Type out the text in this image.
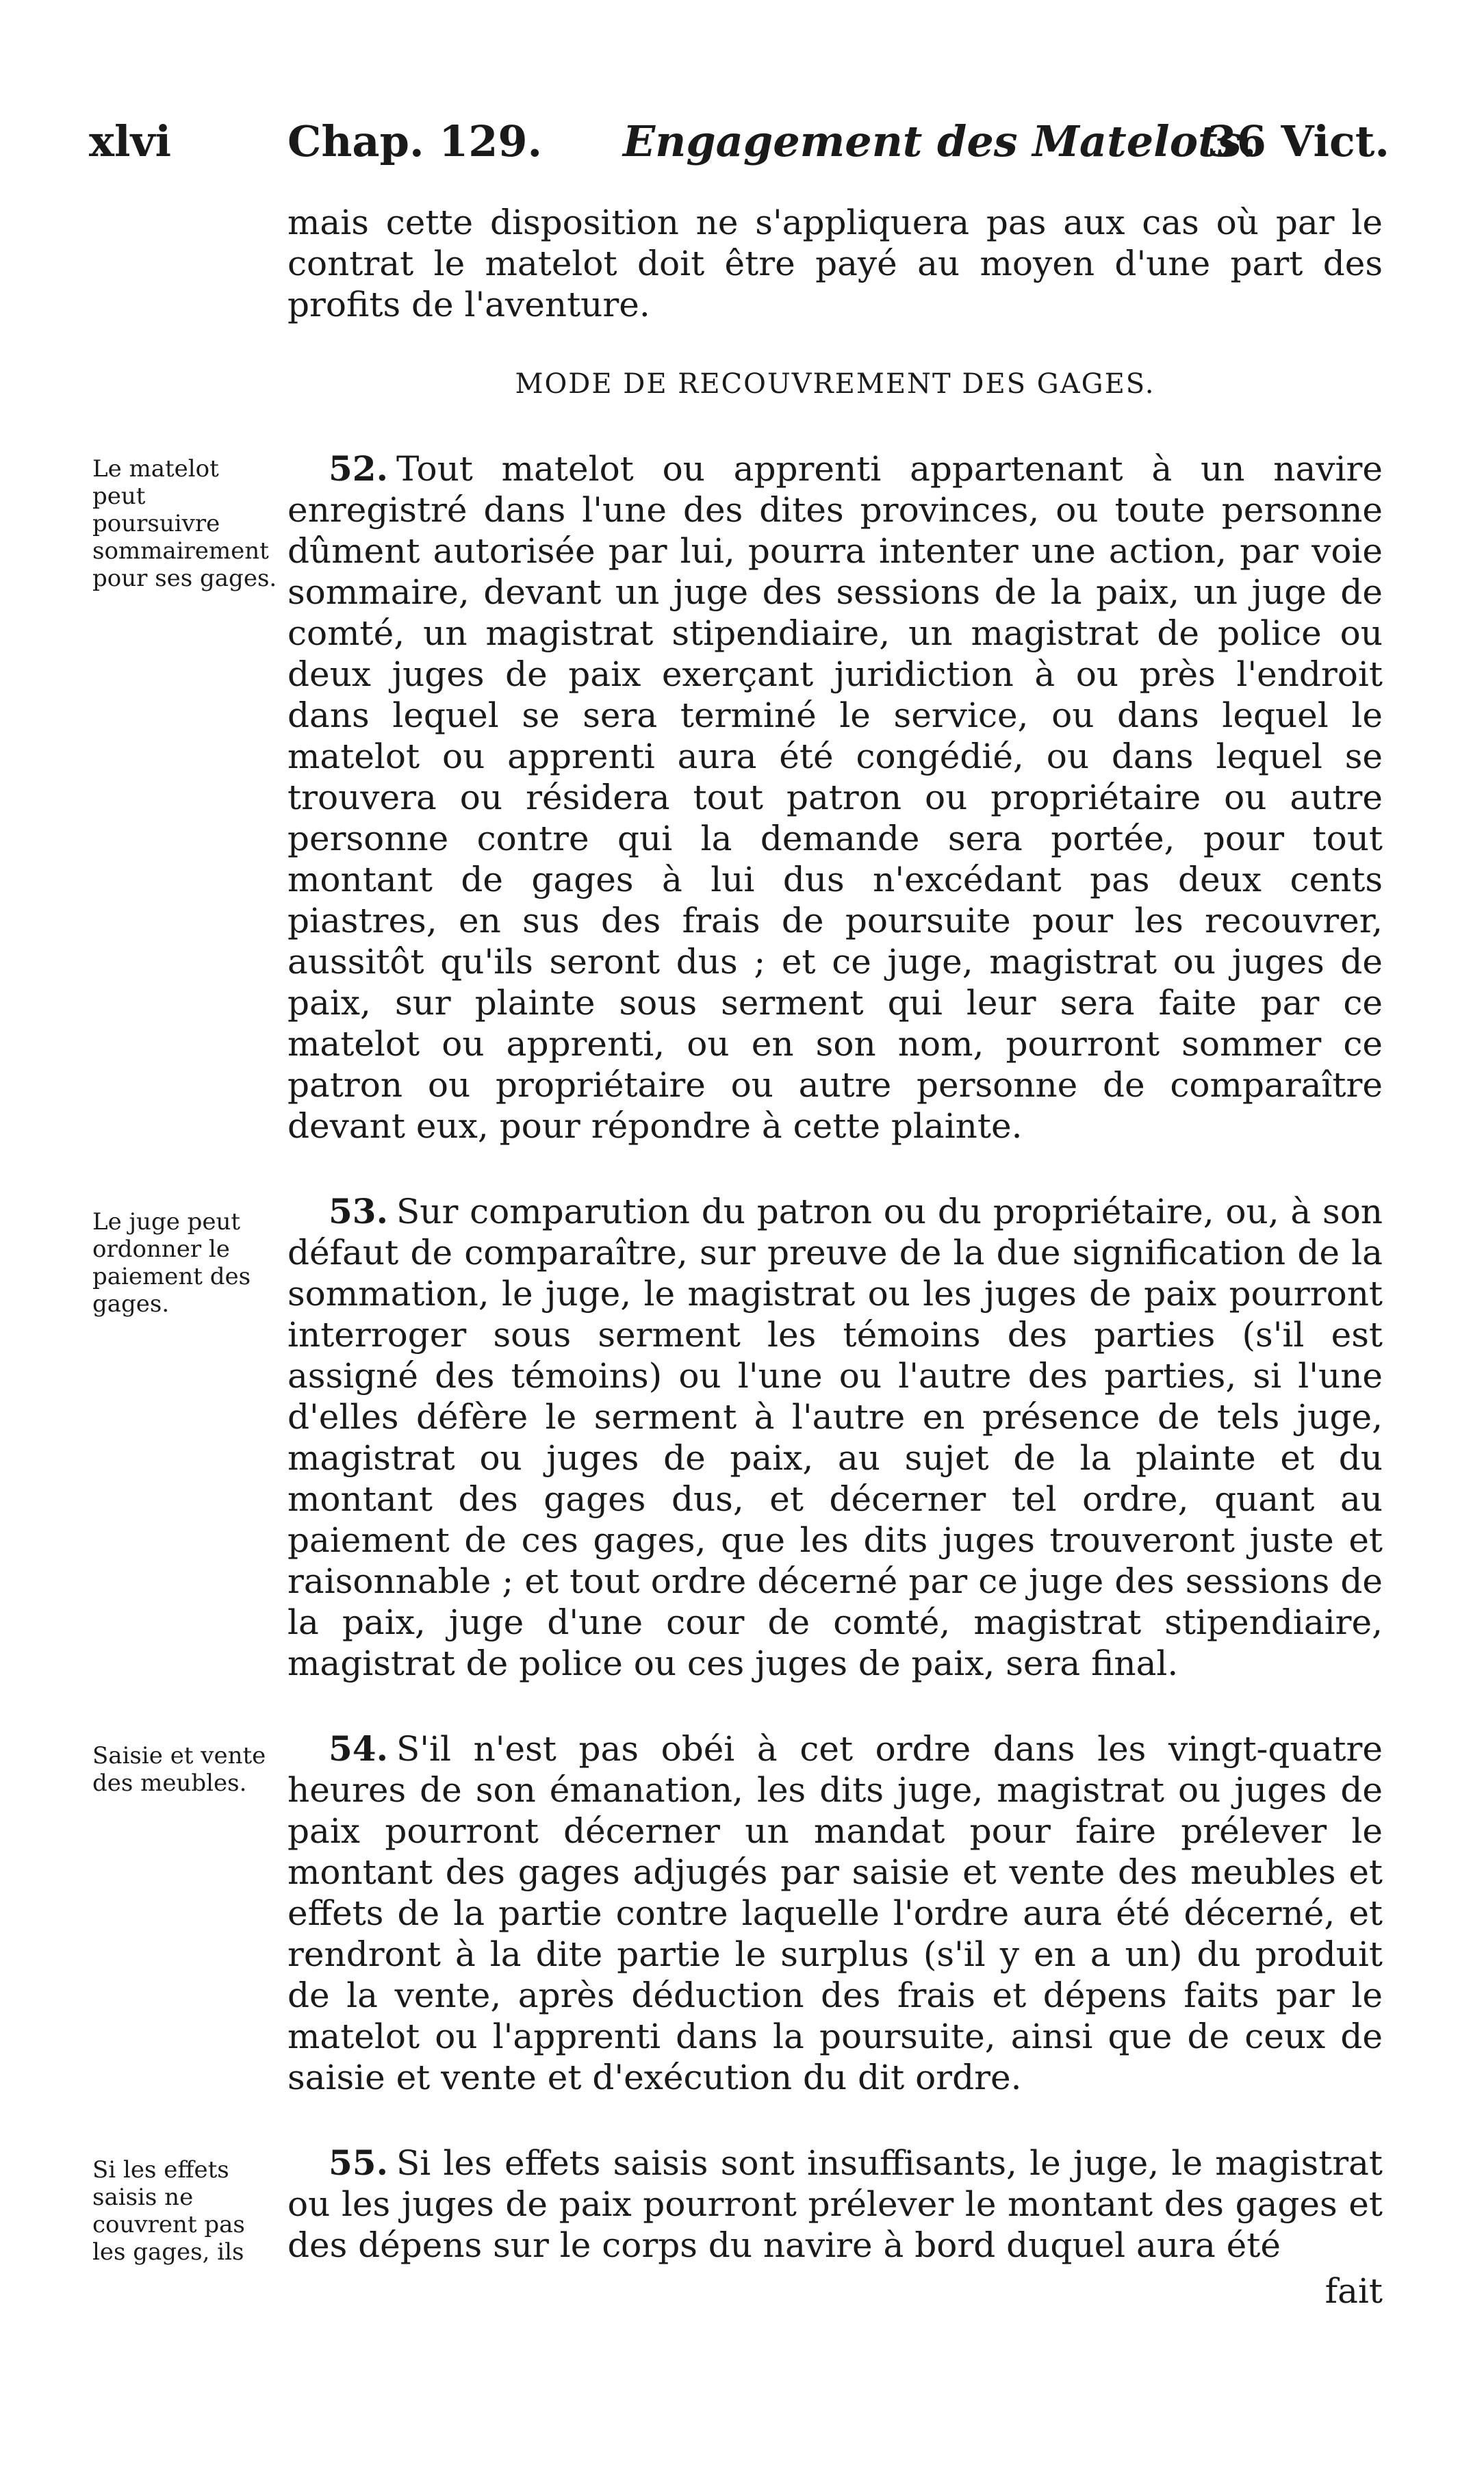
xlvi	Chap. 129. Engagement des Matelots.
36 Vict.
mais cette disposition ne s'appliquera pas aux cas où par le contrat le matelot doit être payé au moyen d'une part des profits de l'aventure.
MODE DE RECOUVREMENT DES GAGES.
Le matelot peut poursuivre sommairement pour ses gages.
52. Tout matelot ou apprenti appartenant à un navire enregistré dans l'une des dites provinces, ou toute personne dûment autorisée par lui, pourra intenter une action, par voie sommaire, devant un juge des sessions de la paix, un juge de comté, un magistrat stipendiaire, un magistrat de police ou deux juges de paix exerçant juridiction à ou près l'endroit dans lequel se sera terminé le service, ou dans lequel le matelot ou apprenti aura été congédié, ou dans lequel se trouvera ou résidera tout patron ou propriétaire ou autre personne contre qui la demande sera portée, pour tout montant de gages à lui dus n'excédant pas deux cents piastres, en sus des frais de poursuite pour les recouvrer, aussitôt qu'ils seront dus ; et ce juge, magistrat ou juges de paix, sur plainte sous serment qui leur sera faite par ce matelot ou apprenti, ou en son nom, pourront sommer ce patron ou propriétaire ou autre personne de comparaître devant eux, pour répondre à cette plainte.
Le juge peut ordonner le paiement des gages.
53. Sur comparution du patron ou du propriétaire, ou, à son défaut de comparaître, sur preuve de la due signification de la sommation, le juge, le magistrat ou les juges de paix pourront interroger sous serment les témoins des parties (s'il est assigné des témoins) ou l'une ou l'autre des parties, si l'une d'elles défère le serment à l'autre en présence de tels juge, magistrat ou juges de paix, au sujet de la plainte et du montant des gages dus, et décerner tel ordre, quant au paiement de ces gages, que les dits juges trouveront juste et raisonnable ; et tout ordre décerné par ce juge des sessions de la paix, juge d'une cour de comté, magistrat stipendiaire, magistrat de police ou ces juges de paix, sera final.
Saisie et vente des meubles.
54. S'il n'est pas obéi à cet ordre dans les vingt-quatre heures de son émanation, les dits juge, magistrat ou juges de paix pourront décerner un mandat pour faire prélever le montant des gages adjugés par saisie et vente des meubles et effets de la partie contre laquelle l'ordre aura été décerné, et rendront à la dite partie le surplus (s'il y en a un) du produit de la vente, après déduction des frais et dépens faits par le matelot ou l'apprenti dans la poursuite, ainsi que de ceux de saisie et vente et d'exécution du dit ordre.
Si les effets saisis ne couvrent pas les gages, ils
55. Si les effets saisis sont insuffisants, le juge, le magistrat ou les juges de paix pourront prélever le montant des gages et des dépens sur le corps du navire à bord duquel aura été
fait
